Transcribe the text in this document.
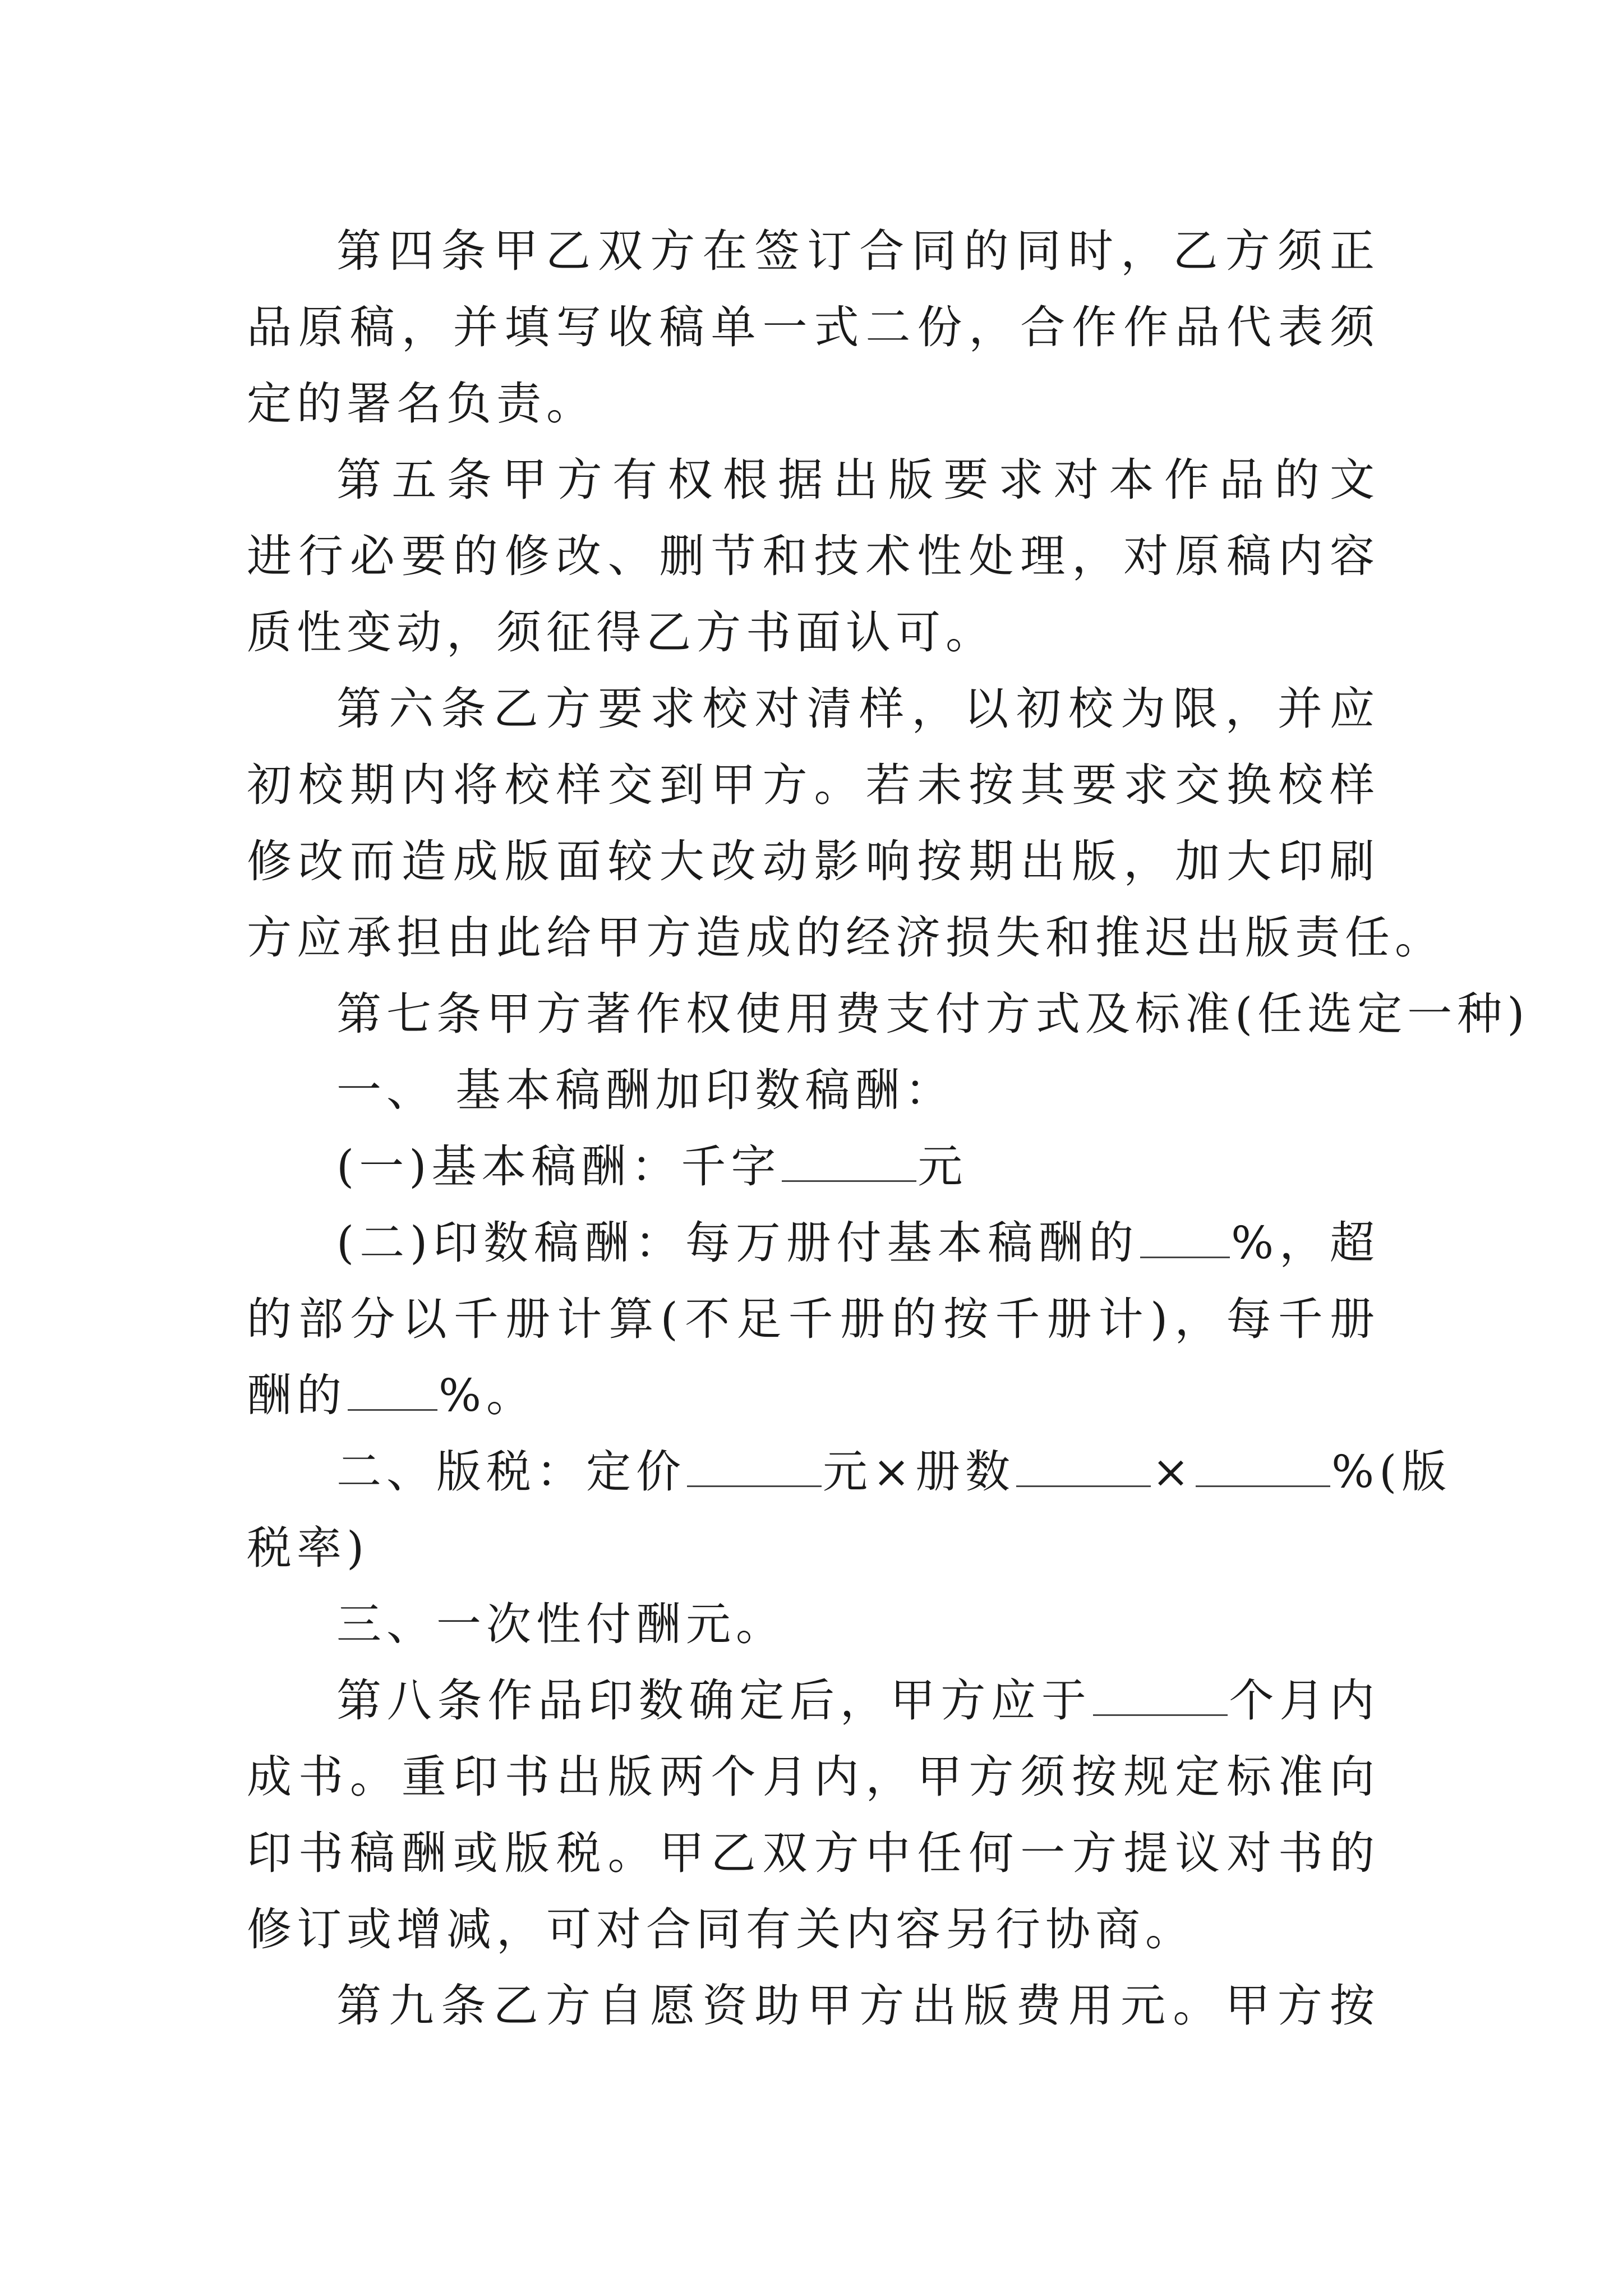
第四条甲乙双方在签订合同的同时，乙方须正
品原稿，并填写收稿单一式二份，合作作品代表须
定的署名负责。
第五条甲方有权根据出版要求对本作品的文
进行必要的修改、删节和技术性处理，对原稿内容
质性变动，须征得乙方书面认可。
第六条乙方要求校对清样，以初校为限，并应
初校期内将校样交到甲方。若未按其要求交换校样
修改而造成版面较大改动影响按期出版，加大印刷
方应承担由此给甲方造成的经济损失和推迟出版责任。
第七条甲方著作权使用费支付方式及标准(任选定一种)
一、 基本稿酬加印数稿酬：
(一)基本稿酬：千字	元
(二)印数稿酬：每万册付基本稿酬的 %，超
的部分以千册计算(不足千册的按千册计)，每千册
酬的 %。
二、版税：定价	元×册数	×	%(版
税率)
三、一次性付酬元。
第八条作品印数确定后，甲方应于	个月内
成书。重印书出版两个月内，甲方须按规定标准向
印书稿酬或版税。甲乙双方中任何一方提议对书的
修订或增减，可对合同有关内容另行协商。
第九条乙方自愿资助甲方出版费用元。甲方按
